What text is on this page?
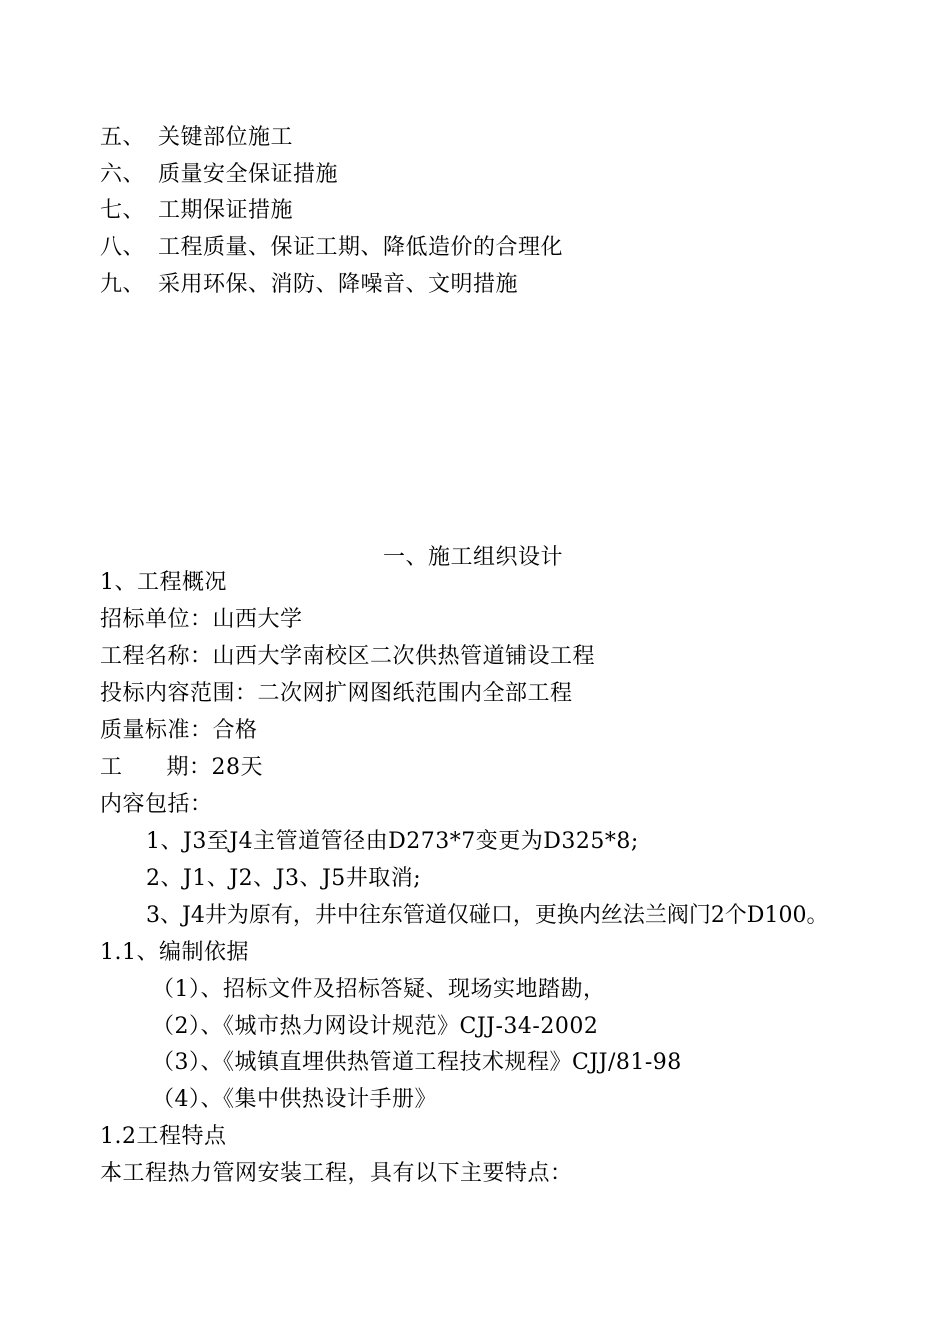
五、 关键部位施工
六、 质量安全保证措施
七、 工期保证措施
八、 工程质量、保证工期、降低造价的合理化
九、 采用环保、消防、降噪音、文明措施
一、施工组织设计
1、工程概况
招标单位：山西大学
工程名称：山西大学南校区二次供热管道铺设工程
投标内容范围：二次网扩网图纸范围内全部工程
质量标准：合格
工 期：28天
内容包括：
1、J3至J4主管道管径由D273*7变更为D325*8;
2、J1、J2、J3、J5井取消;
3、J4井为原有，井中往东管道仅碰口，更换内丝法兰阀门2个D100。
1.1、编制依据
（1）、招标文件及招标答疑、现场实地踏勘，
（2）、《城市热力网设计规范》CJJ-34-2002
（3）、《城镇直埋供热管道工程技术规程》CJJ/81-98
（4）、《集中供热设计手册》
1.2工程特点
本工程热力管网安装工程，具有以下主要特点：
